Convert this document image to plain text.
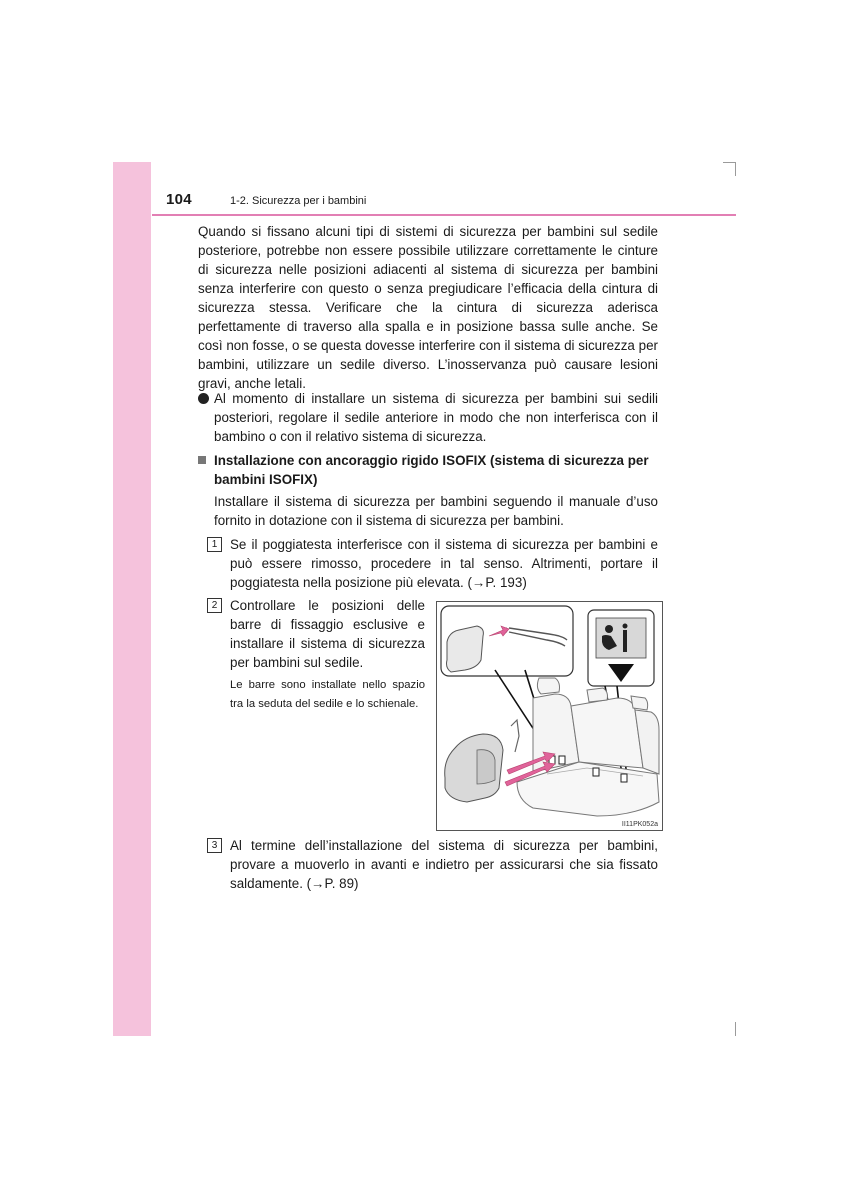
104	1-2. Sicurezza per i bambini
Quando si fissano alcuni tipi di sistemi di sicurezza per bambini sul sedile posteriore, potrebbe non essere possibile utilizzare correttamente le cinture di sicurezza nelle posizioni adiacenti al sistema di sicurezza per bambini senza interferire con questo o senza pregiudicare l’efficacia della cintura di sicurezza stessa. Verificare che la cintura di sicurezza aderisca perfettamente di traverso alla spalla e in posizione bassa sulle anche. Se così non fosse, o se questa dovesse interferire con il sistema di sicurezza per bambini, utilizzare un sedile diverso. L’inosservanza può causare lesioni gravi, anche letali.
Al momento di installare un sistema di sicurezza per bambini sui sedili posteriori, regolare il sedile anteriore in modo che non interferisca con il bambino o con il relativo sistema di sicurezza.
Installazione con ancoraggio rigido ISOFIX (sistema di sicurezza per bambini ISOFIX)
Installare il sistema di sicurezza per bambini seguendo il manuale d’uso fornito in dotazione con il sistema di sicurezza per bambini.
1 Se il poggiatesta interferisce con il sistema di sicurezza per bambini e può essere rimosso, procedere in tal senso. Altrimenti, portare il poggiatesta nella posizione più elevata. (→P. 193)
2 Controllare le posizioni delle barre di fissaggio esclusive e installare il sistema di sicurezza per bambini sul sedile.
Le barre sono installate nello spazio tra la seduta del sedile e lo schienale.
II11PK052a
3 Al termine dell’installazione del sistema di sicurezza per bambini, provare a muoverlo in avanti e indietro per assicurarsi che sia fissato saldamente. (→P. 89)
